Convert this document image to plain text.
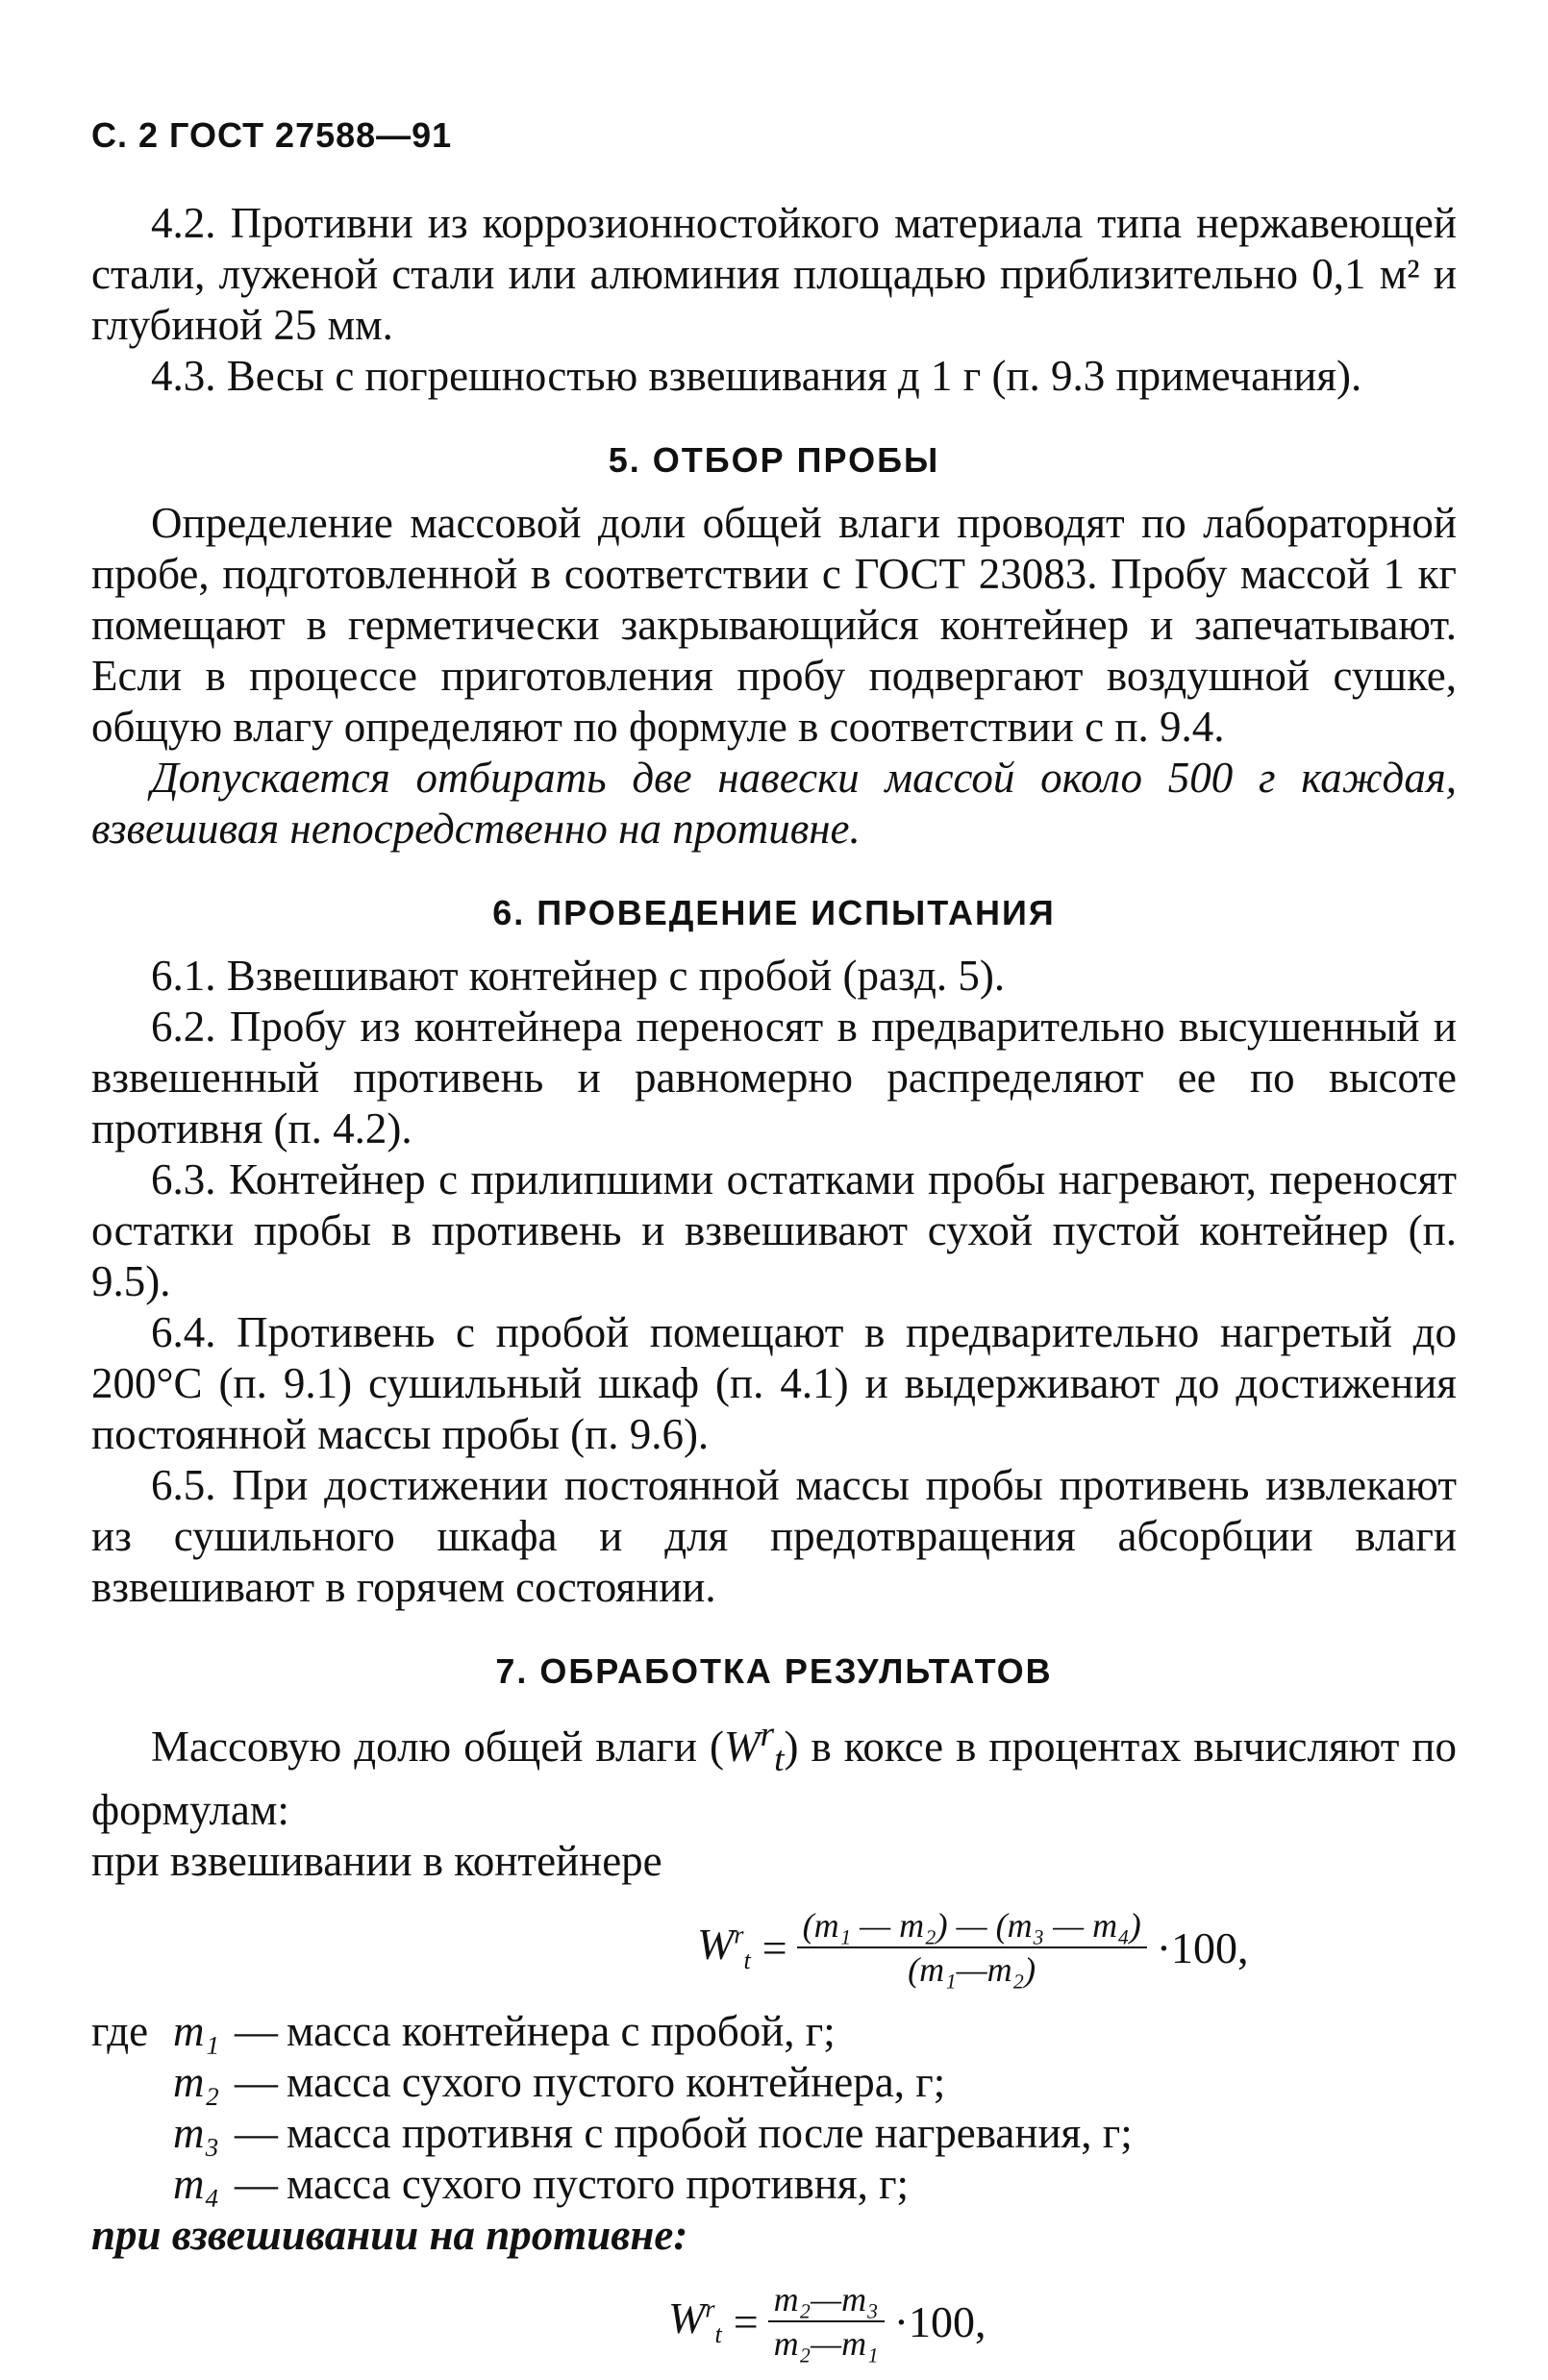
С. 2 ГОСТ 27588—91

4.2. Противни из коррозионностойкого материала типа нержавеющей стали, луженой стали или алюминия площадью приблизительно 0,1 м² и глубиной 25 мм.

4.3. Весы с погрешностью взвешивания д 1 г (п. 9.3 примечания).

5. ОТБОР ПРОБЫ

Определение массовой доли общей влаги проводят по лабораторной пробе, подготовленной в соответствии с ГОСТ 23083. Пробу массой 1 кг помещают в герметически закрывающийся контейнер и запечатывают. Если в процессе приготовления пробу подвергают воздушной сушке, общую влагу определяют по формуле в соответствии с п. 9.4.

Допускается отбирать две навески массой около 500 г каждая, взвешивая непосредственно на противне.

6. ПРОВЕДЕНИЕ ИСПЫТАНИЯ

6.1. Взвешивают контейнер с пробой (разд. 5).

6.2. Пробу из контейнера переносят в предварительно высушенный и взвешенный противень и равномерно распределяют ее по высоте противня (п. 4.2).

6.3. Контейнер с прилипшими остатками пробы нагревают, переносят остатки пробы в противень и взвешивают сухой пустой контейнер (п. 9.5).

6.4. Противень с пробой помещают в предварительно нагретый до 200°С (п. 9.1) сушильный шкаф (п. 4.1) и выдерживают до достижения постоянной массы пробы (п. 9.6).

6.5. При достижении постоянной массы пробы противень извлекают из сушильного шкафа и для предотвращения абсорбции влаги взвешивают в горячем состоянии.

7. ОБРАБОТКА РЕЗУЛЬТАТОВ

Массовую долю общей влаги $(W^r_t)$ в коксе в процентах вычисляют по формулам:

при взвешивании в контейнере

$W^r_t = \frac{\text{(m₁ — m₂) — (m₃ — m₄)}}{\text{(m₁—m₂)}} \cdot 100$,
где m₁ — масса контейнера с пробой, г;
m₂ — масса сухого пустого контейнера, г;
m₃ — масса противня с пробой после нагревания, г;
m₄ — масса сухого пустого противня, г;

при взвешивании на противне:

$W^r_t = \frac{\text{m₂—m₃}}{\text{m₂—m₁}} \cdot 100$,
